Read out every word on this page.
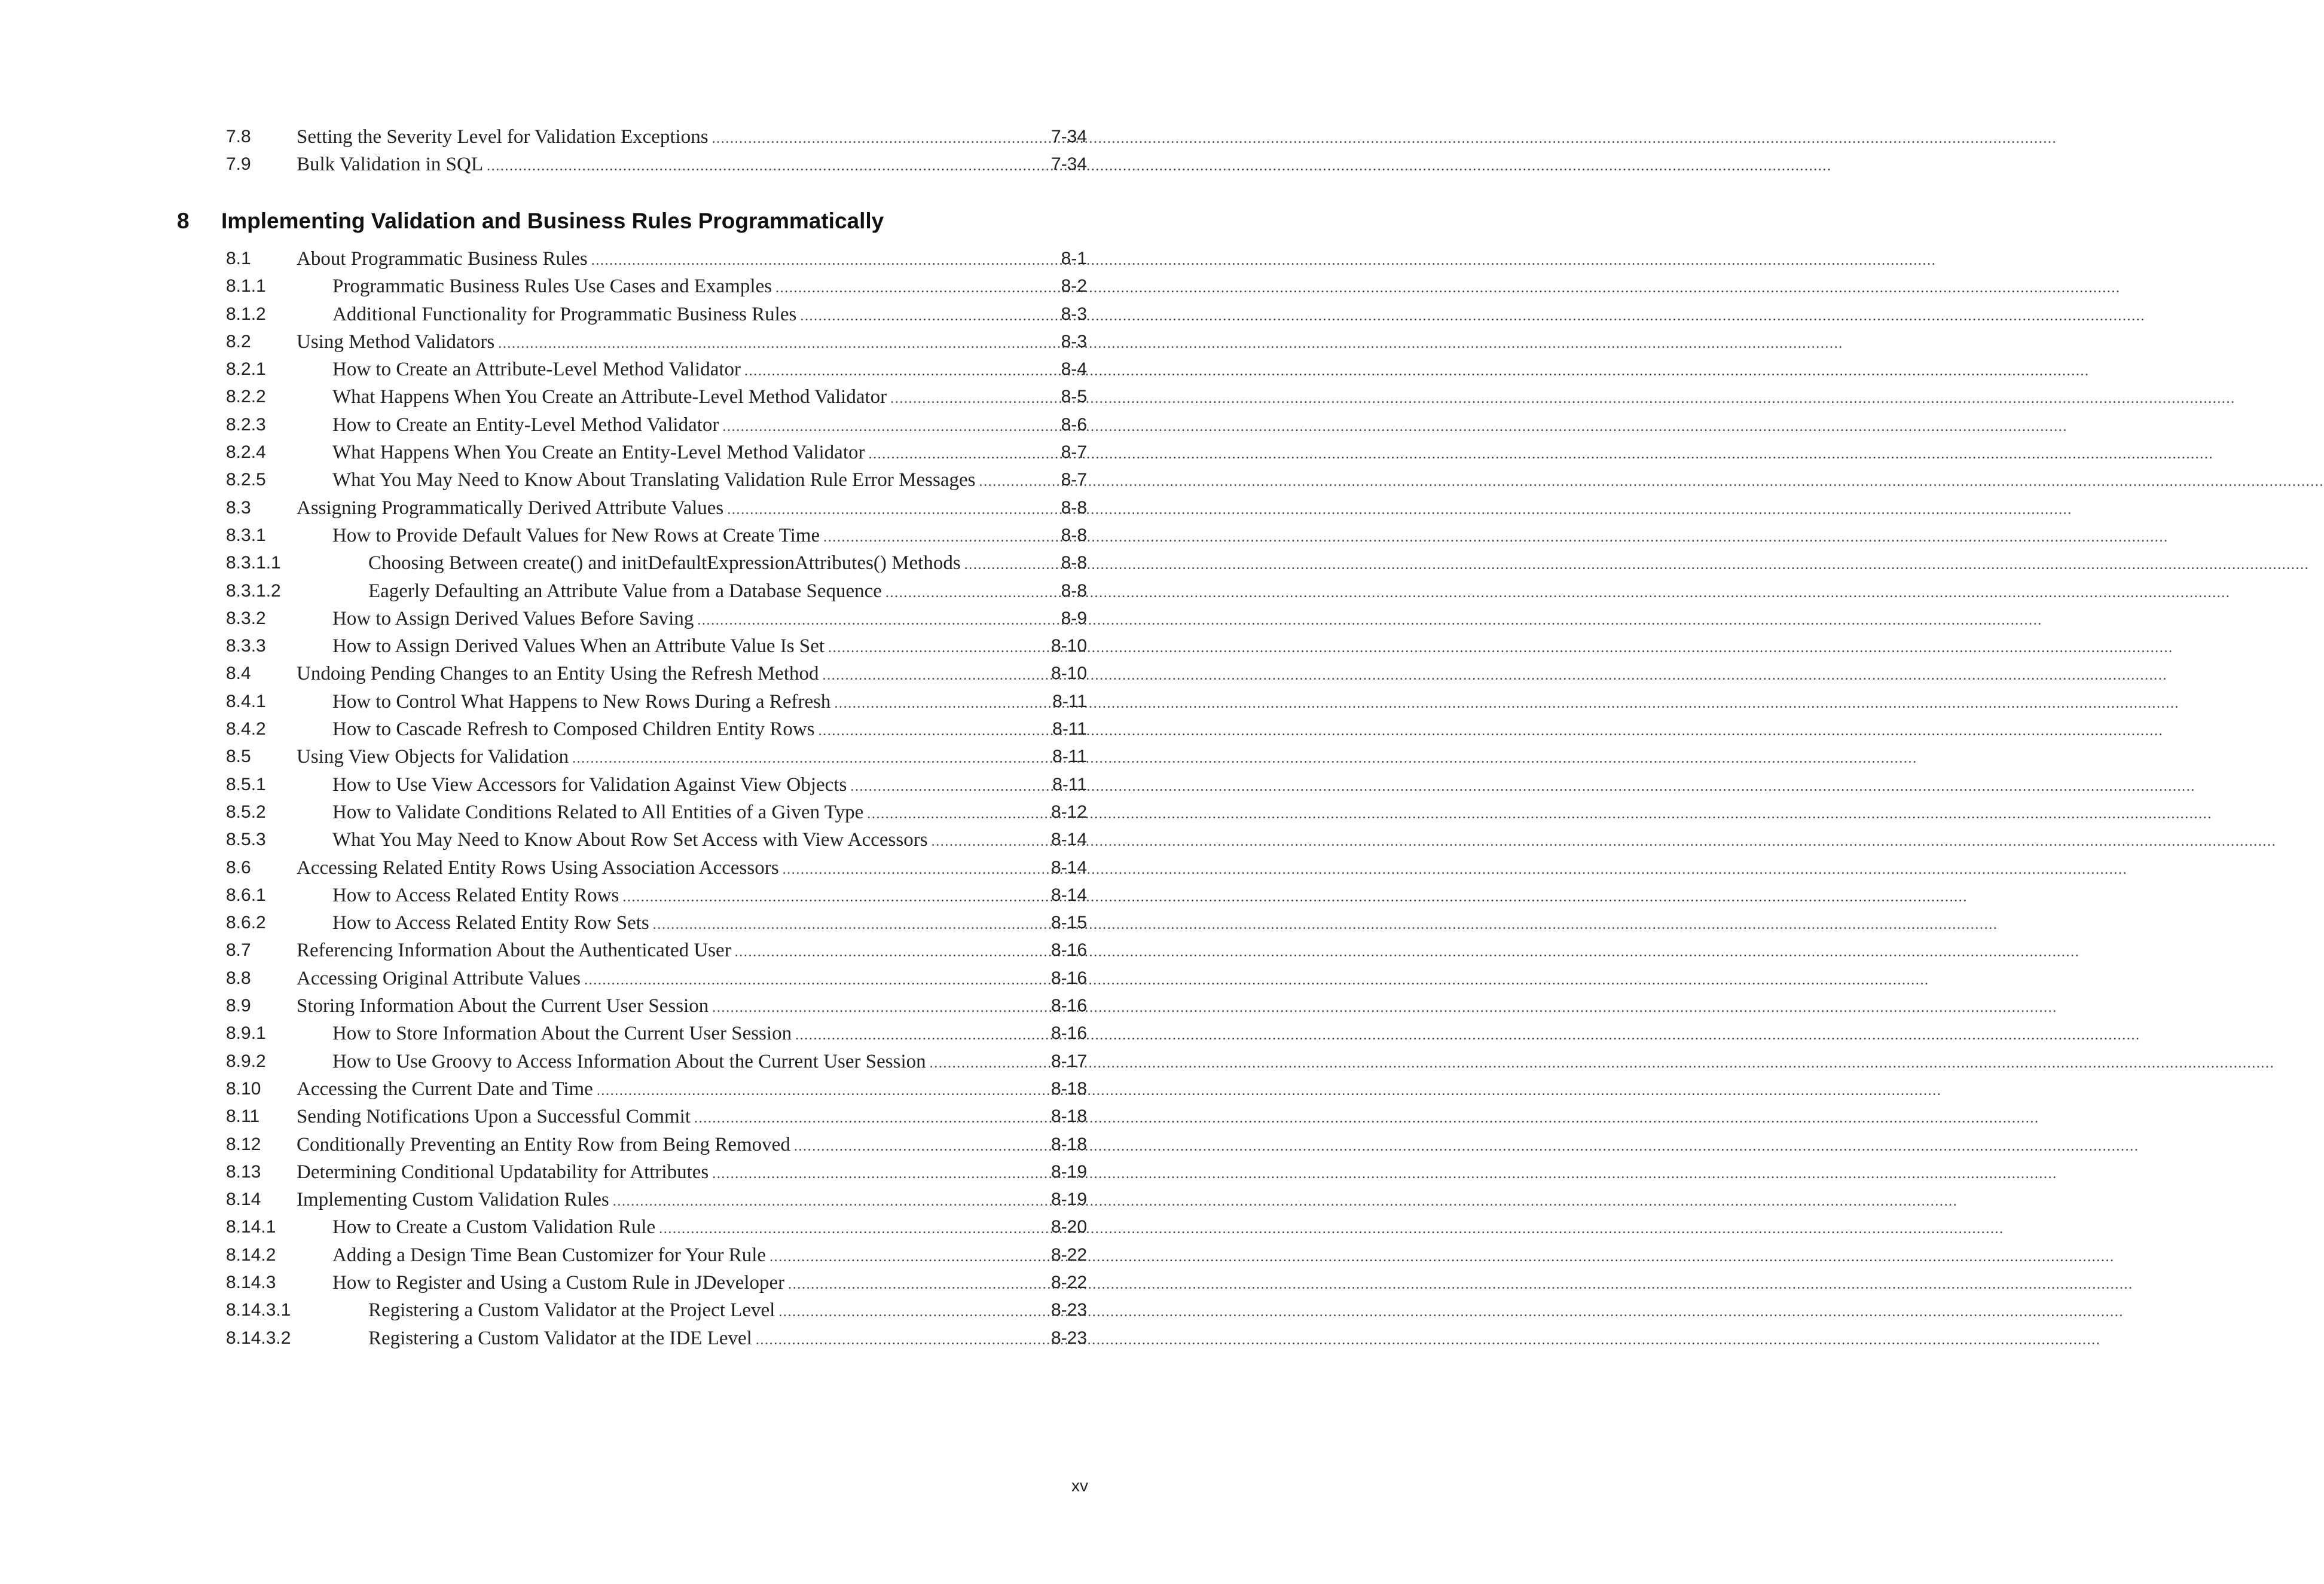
7.8 Setting the Severity Level for Validation Exceptions .....	7-34
7.9 Bulk Validation in SQL .....	7-34
8 Implementing Validation and Business Rules Programmatically
8.1 About Programmatic Business Rules .....	8-1
8.1.1	Programmatic Business Rules Use Cases and Examples .....	8-2
8.1.2	Additional Functionality for Programmatic Business Rules .....	8-3
8.2 Using Method Validators .....	8-3
8.2.1	How to Create an Attribute-Level Method Validator .....	8-4
8.2.2	What Happens When You Create an Attribute-Level Method Validator .....	8-5
8.2.3	How to Create an Entity-Level Method Validator .....	8-6
8.2.4	What Happens When You Create an Entity-Level Method Validator .....	8-7
8.2.5	What You May Need to Know About Translating Validation Rule Error Messages .....	8-7
8.3 Assigning Programmatically Derived Attribute Values .....	8-8
8.3.1	How to Provide Default Values for New Rows at Create Time .....	8-8
8.3.1.1	Choosing Between create() and initDefaultExpressionAttributes() Methods .....	8-8
8.3.1.2	Eagerly Defaulting an Attribute Value from a Database Sequence .....	8-8
8.3.2	How to Assign Derived Values Before Saving .....	8-9
8.3.3	How to Assign Derived Values When an Attribute Value Is Set .....	8-10
8.4 Undoing Pending Changes to an Entity Using the Refresh Method .....	8-10
8.4.1	How to Control What Happens to New Rows During a Refresh .....	8-11
8.4.2	How to Cascade Refresh to Composed Children Entity Rows .....	8-11
8.5 Using View Objects for Validation .....	8-11
8.5.1	How to Use View Accessors for Validation Against View Objects .....	8-11
8.5.2	How to Validate Conditions Related to All Entities of a Given Type .....	8-12
8.5.3	What You May Need to Know About Row Set Access with View Accessors .....	8-14
8.6 Accessing Related Entity Rows Using Association Accessors .....	8-14
8.6.1	How to Access Related Entity Rows .....	8-14
8.6.2	How to Access Related Entity Row Sets .....	8-15
8.7 Referencing Information About the Authenticated User .....	8-16
8.8 Accessing Original Attribute Values .....	8-16
8.9 Storing Information About the Current User Session .....	8-16
8.9.1	How to Store Information About the Current User Session .....	8-16
8.9.2	How to Use Groovy to Access Information About the Current User Session .....	8-17
8.10 Accessing the Current Date and Time .....	8-18
8.11 Sending Notifications Upon a Successful Commit .....	8-18
8.12 Conditionally Preventing an Entity Row from Being Removed .....	8-18
8.13 Determining Conditional Updatability for Attributes .....	8-19
8.14 Implementing Custom Validation Rules .....	8-19
8.14.1	How to Create a Custom Validation Rule .....	8-20
8.14.2	Adding a Design Time Bean Customizer for Your Rule .....	8-22
8.14.3	How to Register and Using a Custom Rule in JDeveloper .....	8-22
8.14.3.1	Registering a Custom Validator at the Project Level .....	8-23
8.14.3.2	Registering a Custom Validator at the IDE Level .....	8-23
xv
